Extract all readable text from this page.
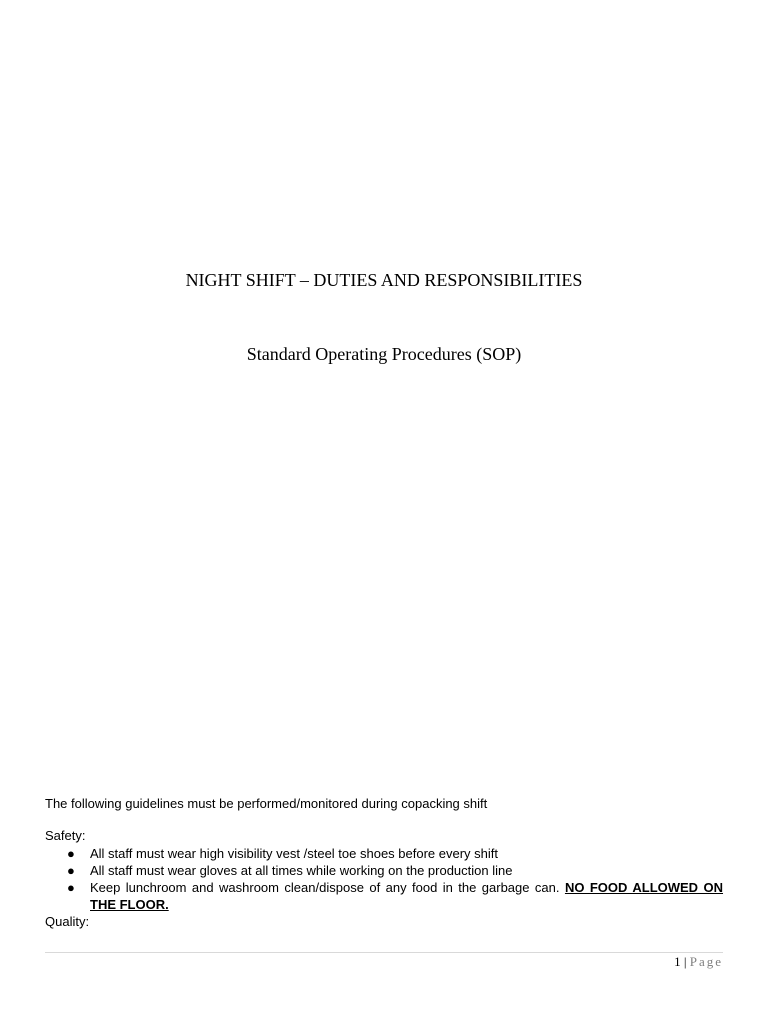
NIGHT SHIFT – DUTIES AND RESPONSIBILITIES
Standard Operating Procedures (SOP)
The following guidelines must be performed/monitored during copacking shift
Safety:
● All staff must wear high visibility vest /steel toe shoes before every shift
● All staff must wear gloves at all times while working on the production line
● Keep lunchroom and washroom clean/dispose of any food in the garbage can. NO FOOD ALLOWED ON THE FLOOR.
Quality:
1 | Page
